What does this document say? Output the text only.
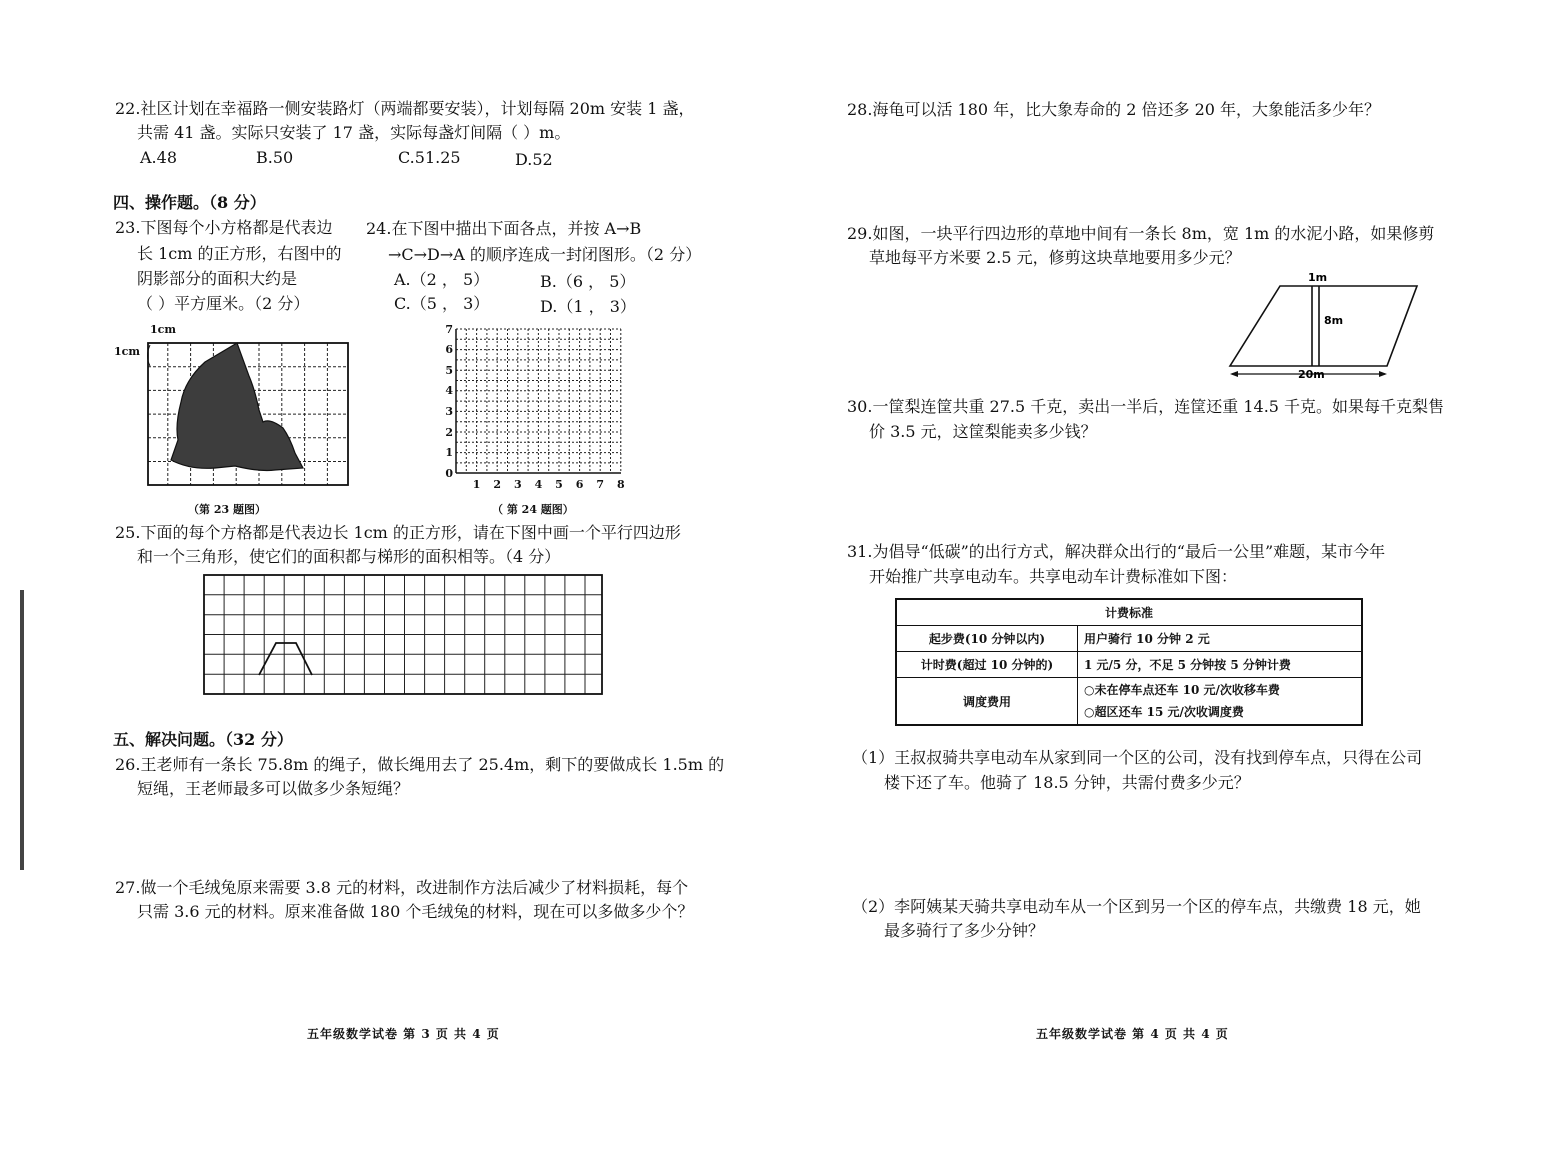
22.社区计划在幸福路一侧安装路灯（两端都要安装），计划每隔 20m 安装 1 盏，
共需 41 盏。实际只安装了 17 盏，实际每盏灯间隔（ ）m。
A.48	B.50	C.51.25	D.52
四、操作题。（8 分）
23.下图每个小方格都是代表边
长 1cm 的正方形，右图中的
阴影部分的面积大约是
（ ）平方厘米。（2 分）
24.在下图中描出下面各点，并按 A→B
→C→D→A 的顺序连成一封闭图形。（2 分）
A.（2 ， 5）	B.（6 ， 5）
C.（5 ， 3）	D.（1 ， 3）
1cm
1cm
（第 23 题图）
0
1
2
3
4
5
6
7
1 2 3 4 5 6 7 8
（ 第 24 题图）
25.下面的每个方格都是代表边长 1cm 的正方形，请在下图中画一个平行四边形
和一个三角形，使它们的面积都与梯形的面积相等。（4 分）
五、解决问题。（32 分）
26.王老师有一条长 75.8m 的绳子，做长绳用去了 25.4m，剩下的要做成长 1.5m 的
短绳，王老师最多可以做多少条短绳？
27.做一个毛绒兔原来需要 3.8 元的材料，改进制作方法后减少了材料损耗，每个
只需 3.6 元的材料。原来准备做 180 个毛绒兔的材料，现在可以多做多少个？
五年级数学试卷 第 3 页 共 4 页
28.海龟可以活 180 年，比大象寿命的 2 倍还多 20 年，大象能活多少年？
29.如图，一块平行四边形的草地中间有一条长 8m，宽 1m 的水泥小路，如果修剪
草地每平方米要 2.5 元，修剪这块草地要用多少元？
1m
8m
20m
30.一筐梨连筐共重 27.5 千克，卖出一半后，连筐还重 14.5 千克。如果每千克梨售
价 3.5 元，这筐梨能卖多少钱？
31.为倡导“低碳”的出行方式，解决群众出行的“最后一公里”难题，某市今年
开始推广共享电动车。共享电动车计费标准如下图：
计费标准	
起步费(10 分钟以内)	用户骑行 10 分钟 2 元
计时费(超过 10 分钟的)	1 元/5 分，不足 5 分钟按 5 分钟计费
调度费用	○未在停车点还车 10 元/次收移车费
○超区还车 15 元/次收调度费
（1）王叔叔骑共享电动车从家到同一个区的公司，没有找到停车点，只得在公司
楼下还了车。他骑了 18.5 分钟，共需付费多少元？
（2）李阿姨某天骑共享电动车从一个区到另一个区的停车点，共缴费 18 元，她
最多骑行了多少分钟？
五年级数学试卷 第 4 页 共 4 页
